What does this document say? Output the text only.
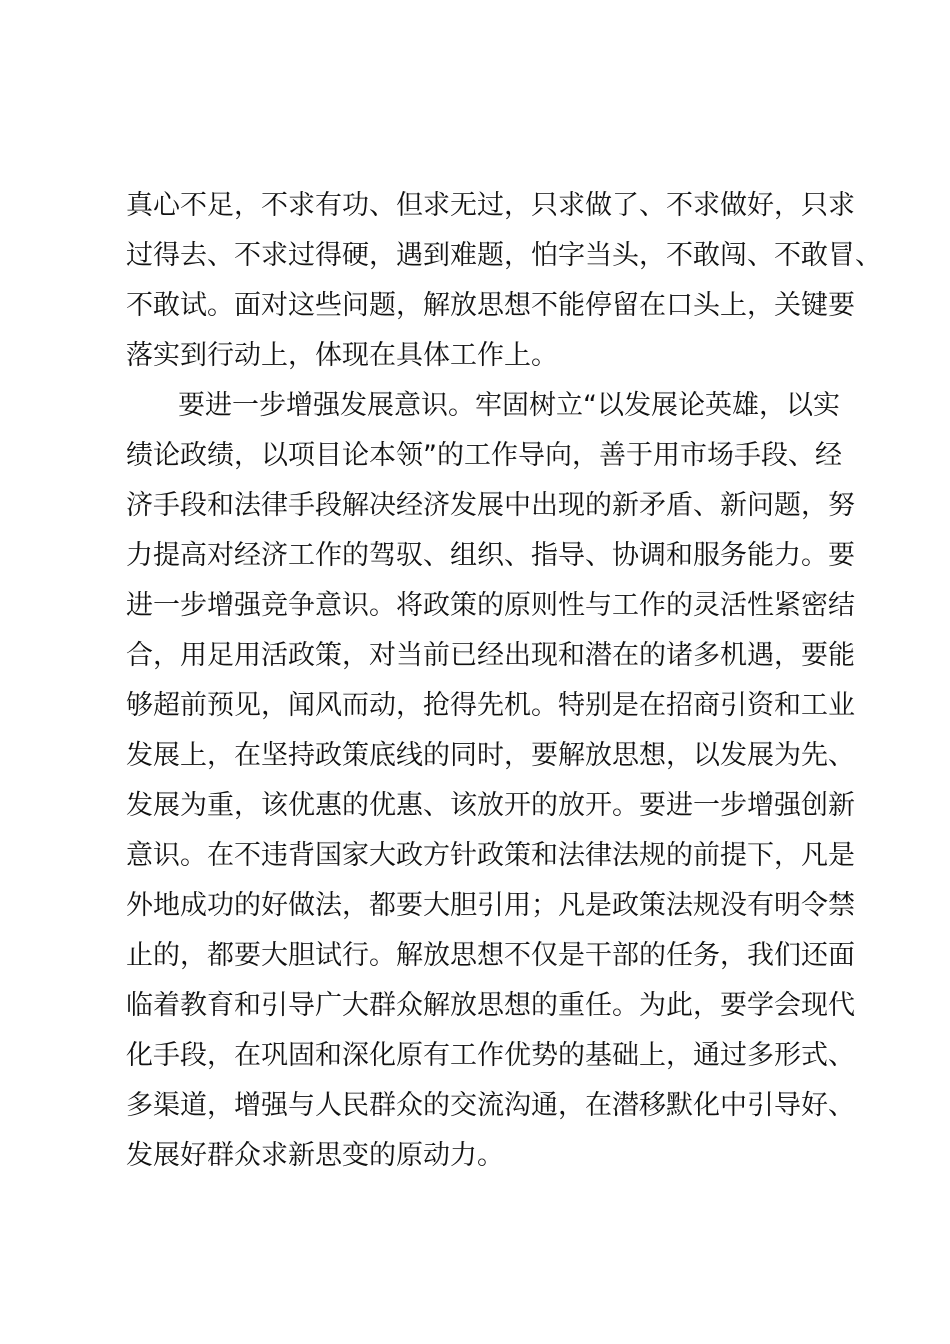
真心不足，不求有功、但求无过，只求做了、不求做好，只求
过得去、不求过得硬，遇到难题，怕字当头，不敢闯、不敢冒、
不敢试。面对这些问题，解放思想不能停留在口头上，关键要
落实到行动上，体现在具体工作上。
要进一步增强发展意识。牢固树立“以发展论英雄，以实
绩论政绩，以项目论本领”的工作导向，善于用市场手段、经
济手段和法律手段解决经济发展中出现的新矛盾、新问题，努
力提高对经济工作的驾驭、组织、指导、协调和服务能力。要
进一步增强竞争意识。将政策的原则性与工作的灵活性紧密结
合，用足用活政策，对当前已经出现和潜在的诸多机遇，要能
够超前预见，闻风而动，抢得先机。特别是在招商引资和工业
发展上，在坚持政策底线的同时，要解放思想，以发展为先、
发展为重，该优惠的优惠、该放开的放开。要进一步增强创新
意识。在不违背国家大政方针政策和法律法规的前提下，凡是
外地成功的好做法，都要大胆引用；凡是政策法规没有明令禁
止的，都要大胆试行。解放思想不仅是干部的任务，我们还面
临着教育和引导广大群众解放思想的重任。为此，要学会现代
化手段，在巩固和深化原有工作优势的基础上，通过多形式、
多渠道，增强与人民群众的交流沟通，在潜移默化中引导好、
发展好群众求新思变的原动力。
